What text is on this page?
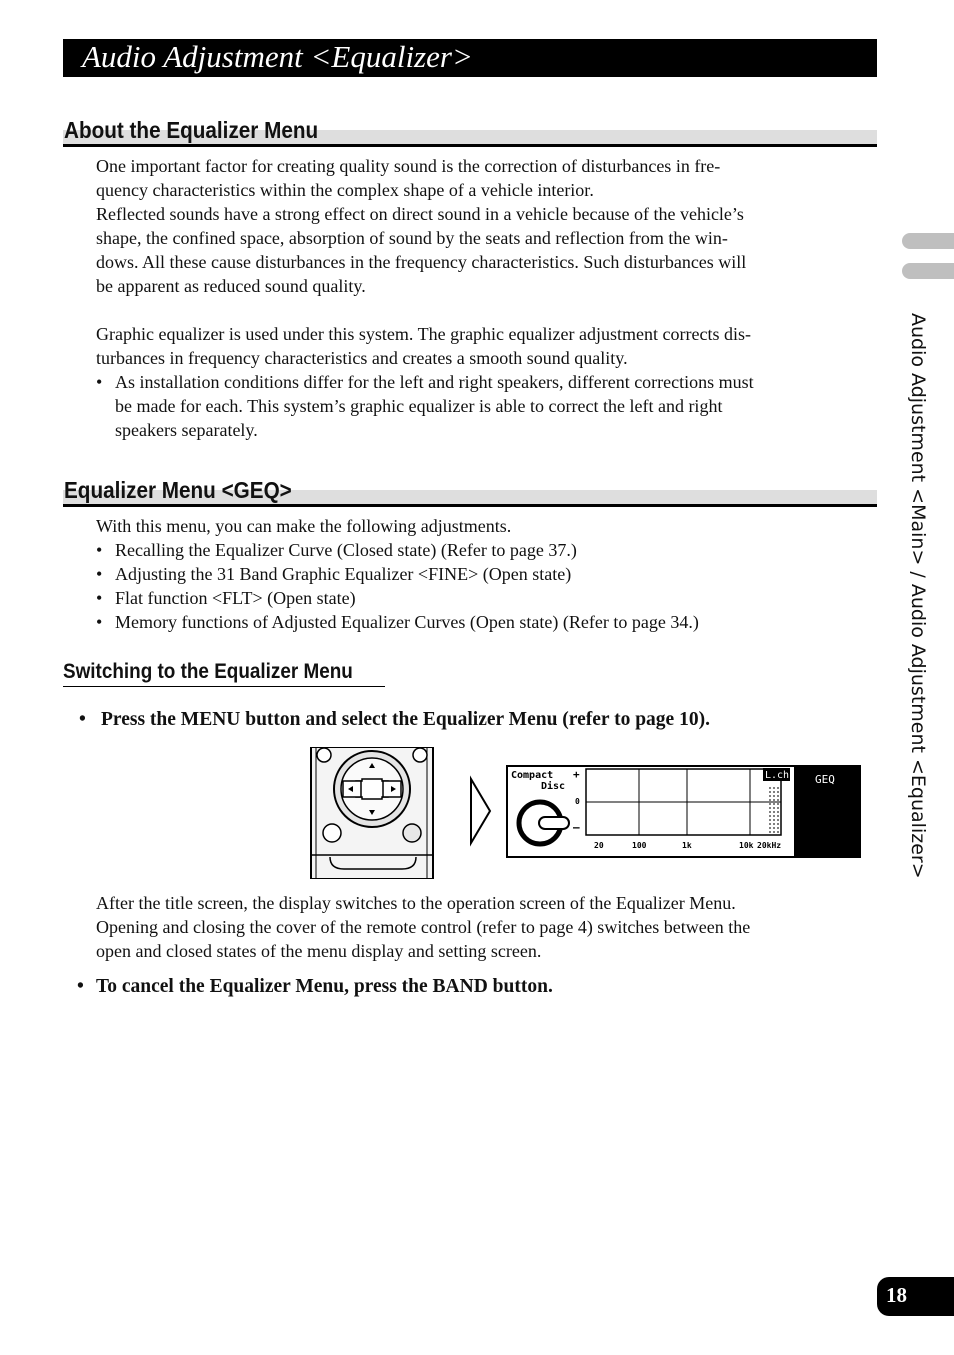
Audio Adjustment <Equalizer>
Audio Adjustment <Main> / Audio Adjustment <Equalizer>
About the Equalizer Menu

One important factor for creating quality sound is the correction of disturbances in fre-

quency characteristics within the complex shape of a vehicle interior.

Reflected sounds have a strong effect on direct sound in a vehicle because of the vehicle’s

shape, the confined space, absorption of sound by the seats and reflection from the win-

dows. All these cause disturbances in the frequency characteristics. Such disturbances will

be apparent as reduced sound quality.

Graphic equalizer is used under this system. The graphic equalizer adjustment corrects dis-

turbances in frequency characteristics and creates a smooth sound quality.

• As installation conditions differ for the left and right speakers, different corrections must
be made for each. This system’s graphic equalizer is able to correct the left and right
speakers separately.
Equalizer Menu <GEQ>

With this menu, you can make the following adjustments.

• Recalling the Equalizer Curve (Closed state) (Refer to page 37.)
• Adjusting the 31 Band Graphic Equalizer <FINE> (Open state)
• Flat function <FLT> (Open state)
• Memory functions of Adjusted Equalizer Curves (Open state) (Refer to page 34.)
Switching to the Equalizer Menu
• Press the MENU button and select the Equalizer Menu (refer to page 10).
L.ch GEQ
Compact
Disc
+
0
–
20	100	1k	10k 20kHz

After the title screen, the display switches to the operation screen of the Equalizer Menu.

Opening and closing the cover of the remote control (refer to page 4) switches between the

open and closed states of the menu display and setting screen.

• To cancel the Equalizer Menu, press the BAND button.
18
